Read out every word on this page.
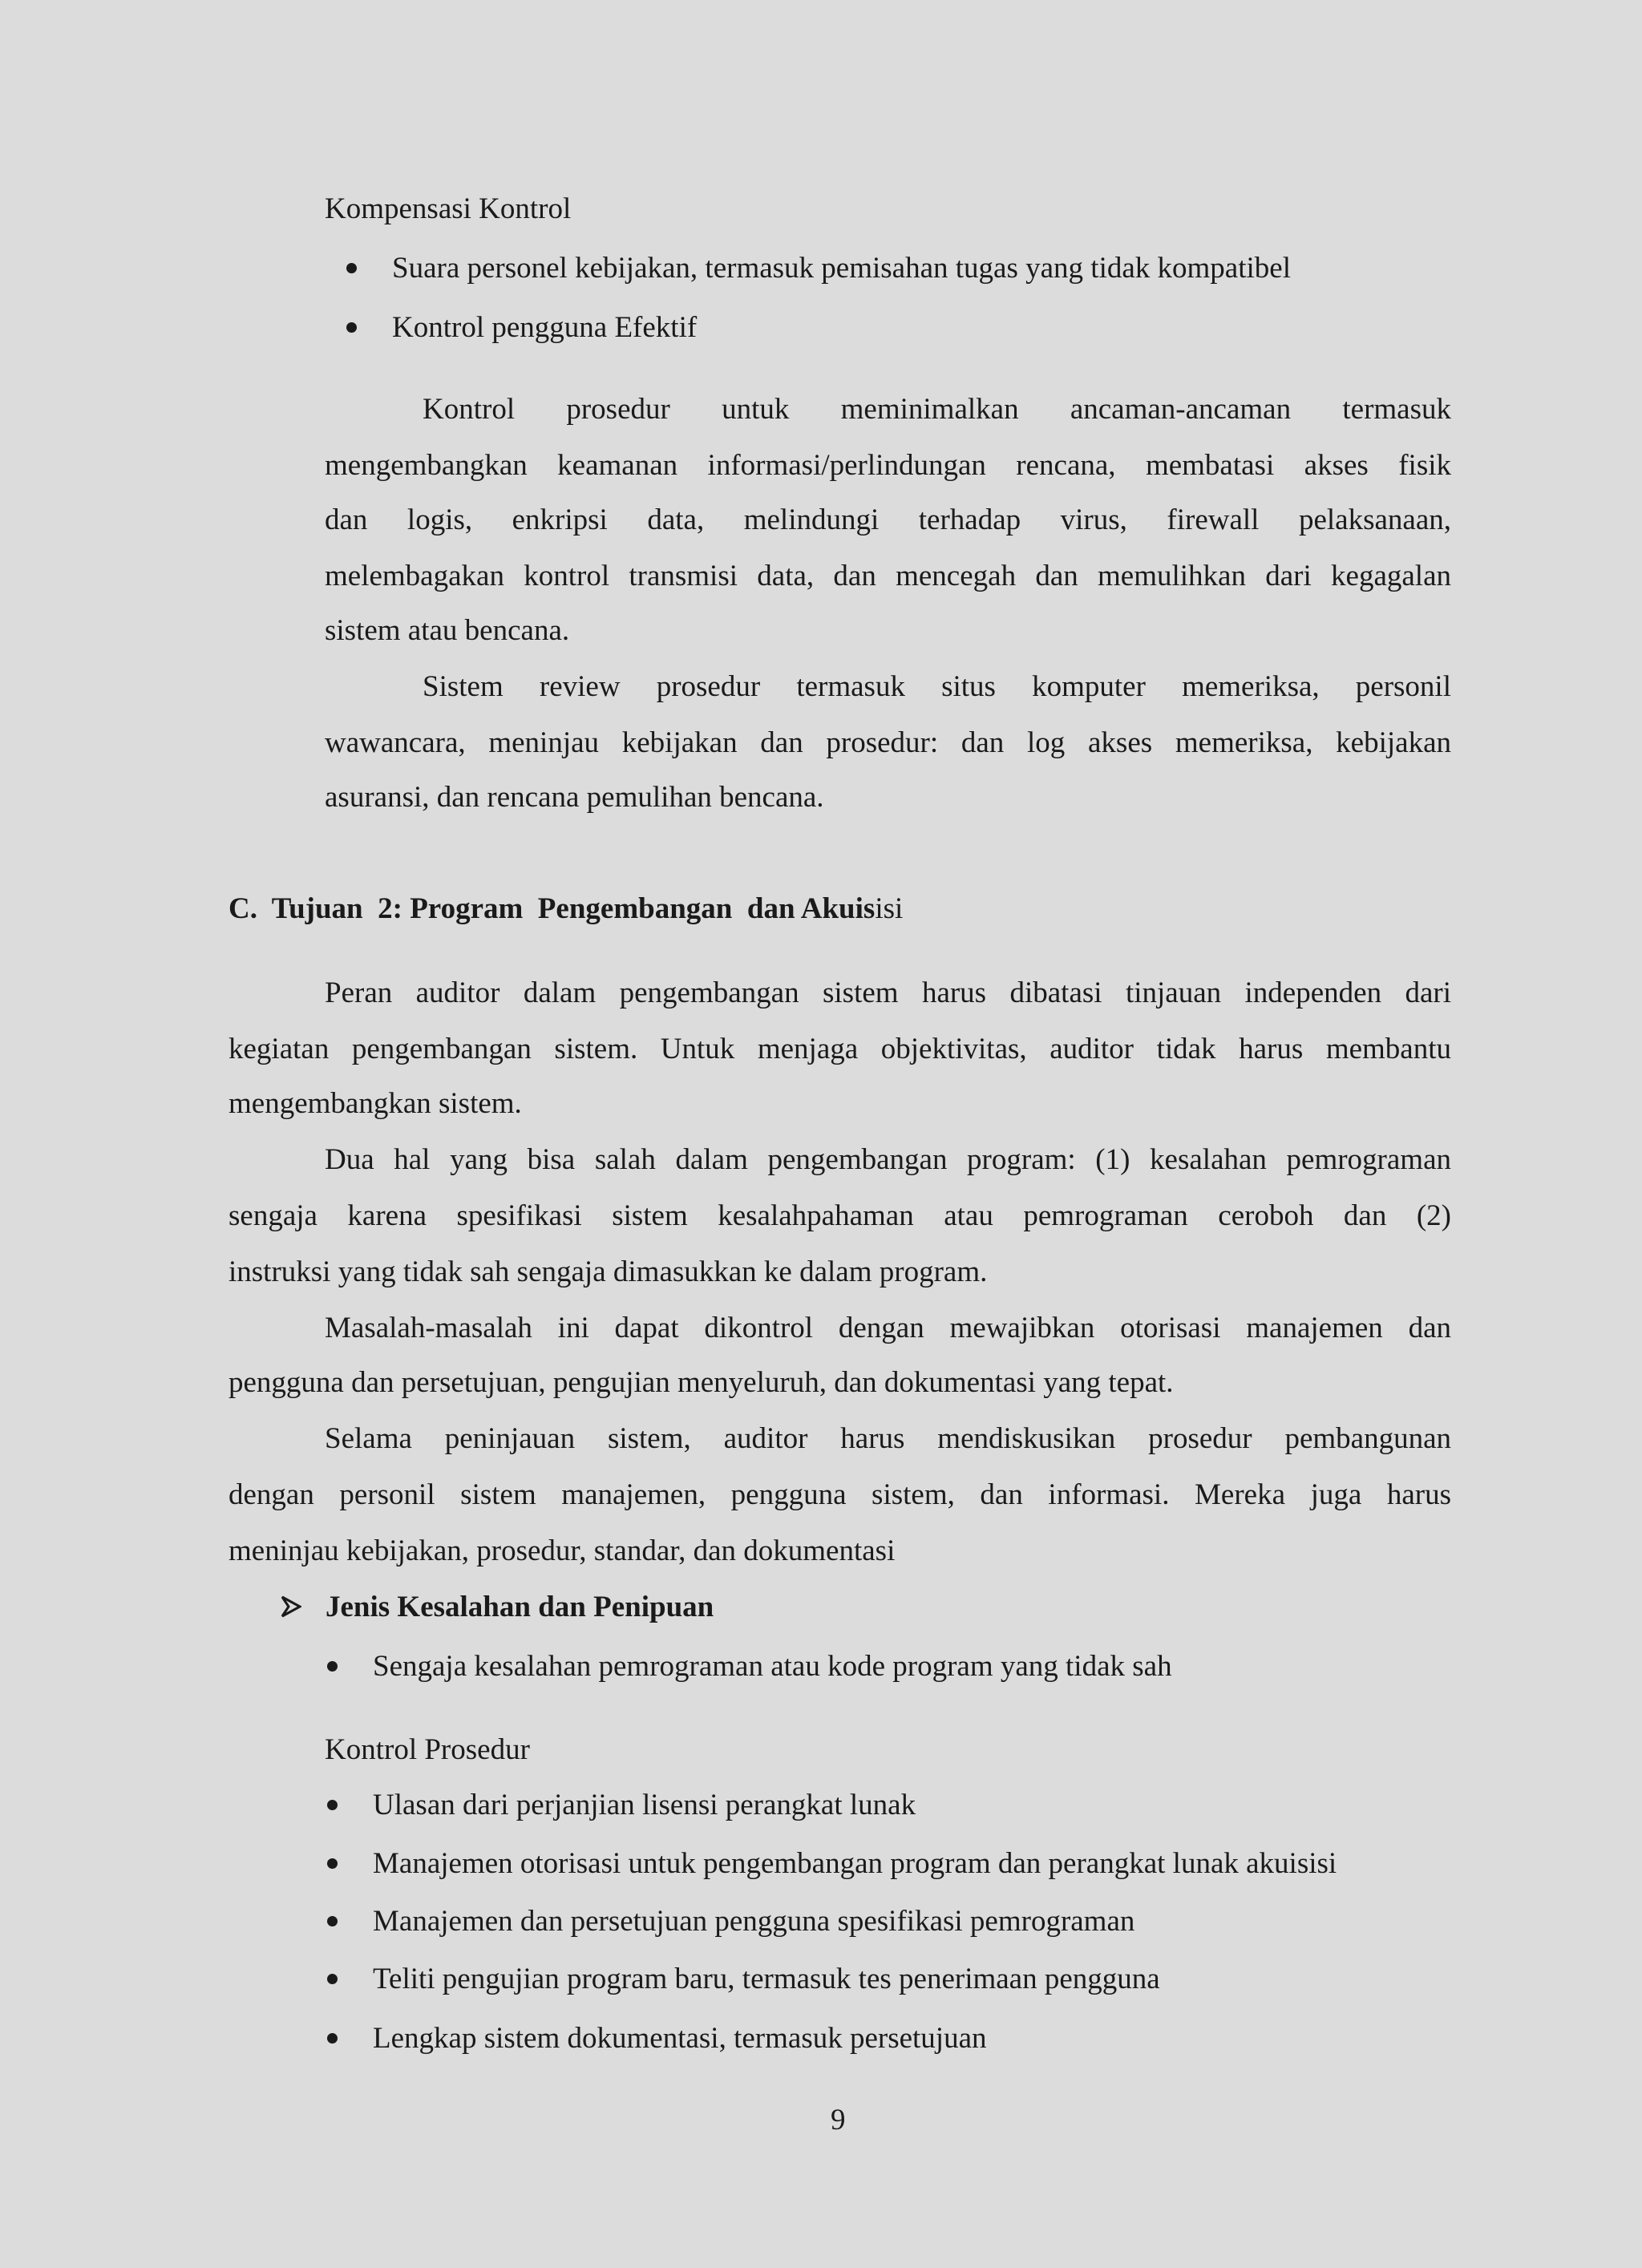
Kompensasi Kontrol
Suara personel kebijakan, termasuk pemisahan tugas yang tidak kompatibel
Kontrol pengguna Efektif
Kontrol prosedur untuk meminimalkan ancaman-ancaman termasuk
mengembangkan keamanan informasi/perlindungan rencana, membatasi akses fisik
dan logis, enkripsi data, melindungi terhadap virus, firewall pelaksanaan,
melembagakan kontrol transmisi data, dan mencegah dan memulihkan dari kegagalan
sistem atau bencana.
Sistem review prosedur termasuk situs komputer memeriksa, personil
wawancara, meninjau kebijakan dan prosedur: dan log akses memeriksa, kebijakan
asuransi, dan rencana pemulihan bencana.
C.  Tujuan  2: Program  Pengembangan  dan Akuisisi
Peran auditor dalam pengembangan sistem harus dibatasi tinjauan independen dari
kegiatan pengembangan sistem. Untuk menjaga objektivitas, auditor tidak harus membantu
mengembangkan sistem.
Dua hal yang bisa salah dalam pengembangan program: (1) kesalahan pemrograman
sengaja karena spesifikasi sistem kesalahpahaman atau pemrograman ceroboh dan (2)
instruksi yang tidak sah sengaja dimasukkan ke dalam program.
Masalah-masalah ini dapat dikontrol dengan mewajibkan otorisasi manajemen dan
pengguna dan persetujuan, pengujian menyeluruh, dan dokumentasi yang tepat.
Selama peninjauan sistem, auditor harus mendiskusikan prosedur pembangunan
dengan personil sistem manajemen, pengguna sistem, dan informasi. Mereka juga harus
meninjau kebijakan, prosedur, standar, dan dokumentasi
Jenis Kesalahan dan Penipuan
Sengaja kesalahan pemrograman atau kode program yang tidak sah
Kontrol Prosedur
Ulasan dari perjanjian lisensi perangkat lunak
Manajemen otorisasi untuk pengembangan program dan perangkat lunak akuisisi
Manajemen dan persetujuan pengguna spesifikasi pemrograman
Teliti pengujian program baru, termasuk tes penerimaan pengguna
Lengkap sistem dokumentasi, termasuk persetujuan
9
